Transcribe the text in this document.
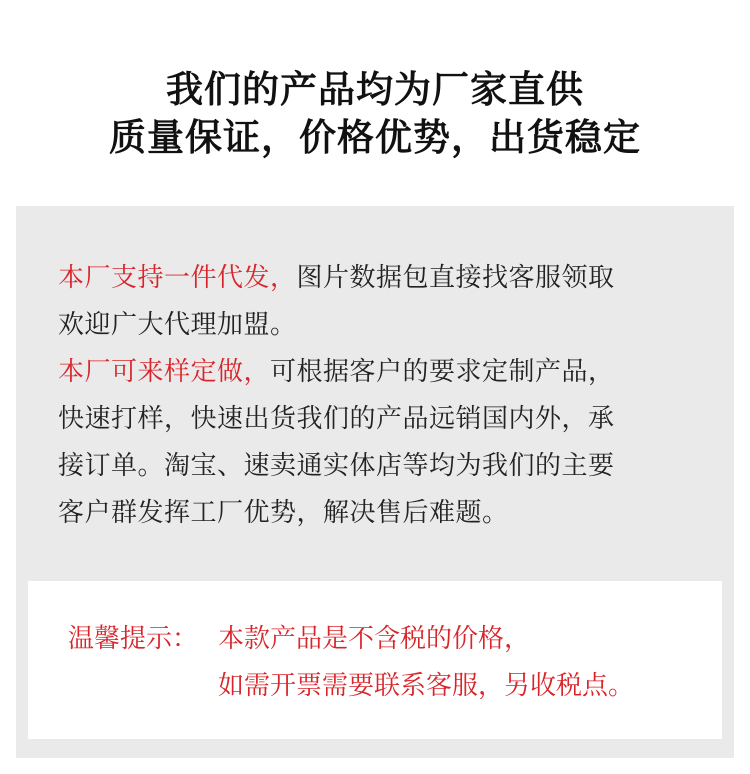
我们的产品均为厂家直供
质量保证，价格优势，出货稳定
本厂支持一件代发，图片数据包直接找客服领取
欢迎广大代理加盟。
本厂可来样定做，可根据客户的要求定制产品，
快速打样，快速出货我们的产品远销国内外，承
接订单。淘宝、速卖通实体店等均为我们的主要
客户群发挥工厂优势，解决售后难题。
温馨提示： 本款产品是不含税的价格，
如需开票需要联系客服，另收税点。
